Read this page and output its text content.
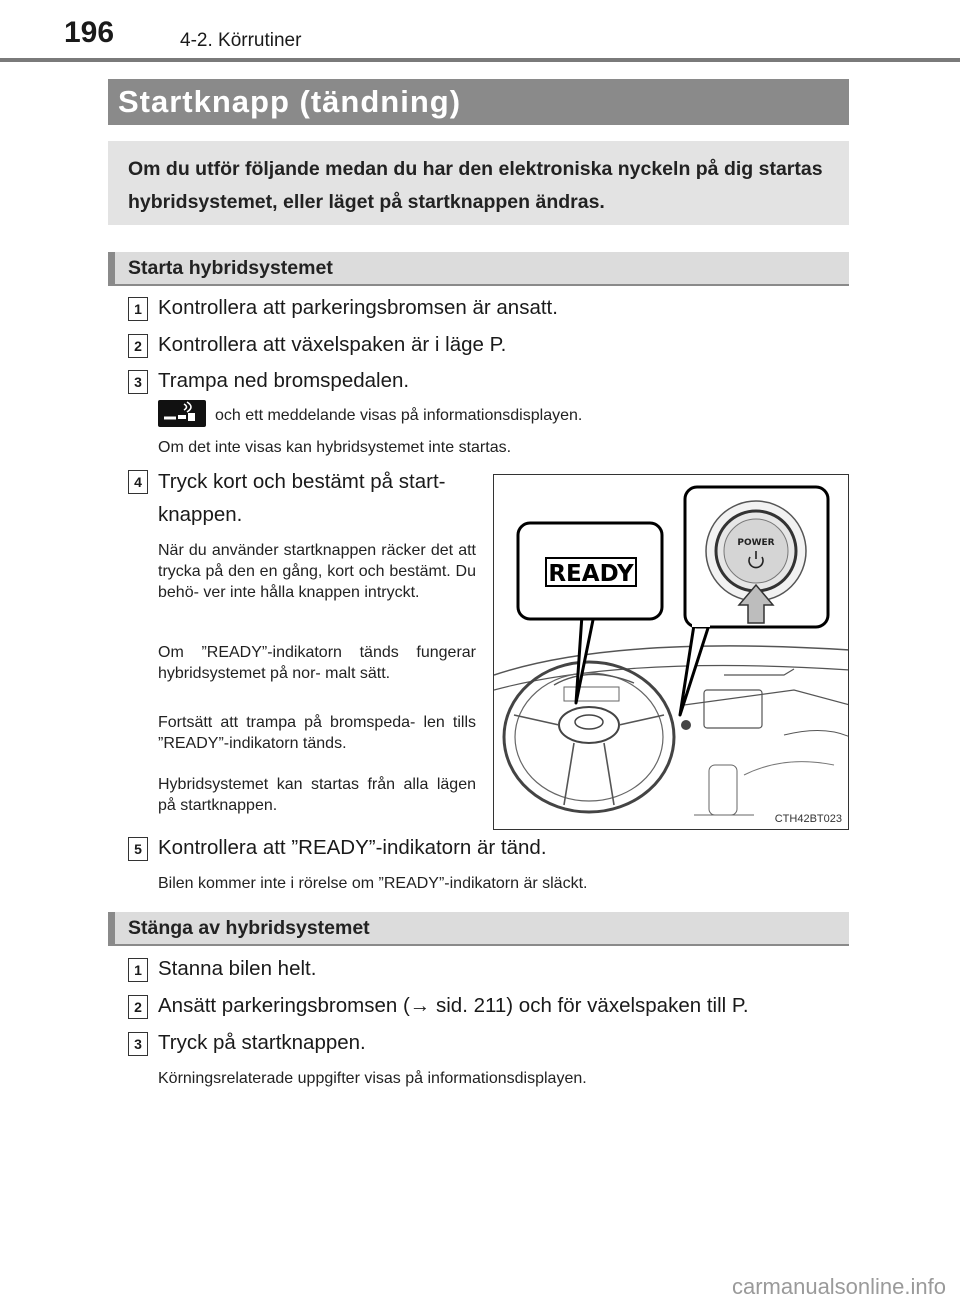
196	4-2. Körrutiner
Startknapp (tändning)
Om du utför följande medan du har den elektroniska nyckeln på dig startas hybridsystemet, eller läget på startknappen ändras.
Starta hybridsystemet
1 Kontrollera att parkeringsbromsen är ansatt.
2 Kontrollera att växelspaken är i läge P.
3 Trampa ned bromspedalen.
och ett meddelande visas på informationsdisplayen.
Om det inte visas kan hybridsystemet inte startas.
4 Tryck kort och bestämt på start-
knappen.
När du använder startknappen räcker det att trycka på den en gång, kort och bestämt. Du behö- ver inte hålla knappen intryckt.
Om ”READY”-indikatorn tänds fungerar hybridsystemet på nor- malt sätt.
Fortsätt att trampa på bromspeda- len tills ”READY”-indikatorn tänds.
Hybridsystemet kan startas från alla lägen på startknappen.
READY
POWER
CTH42BT023
5 Kontrollera att ”READY”-indikatorn är tänd.
Bilen kommer inte i rörelse om ”READY”-indikatorn är släckt.
Stänga av hybridsystemet
1 Stanna bilen helt.
2 Ansätt parkeringsbromsen (→ sid. 211) och för växelspaken till P.
3 Tryck på startknappen.
Körningsrelaterade uppgifter visas på informationsdisplayen.
carmanualsonline.info
